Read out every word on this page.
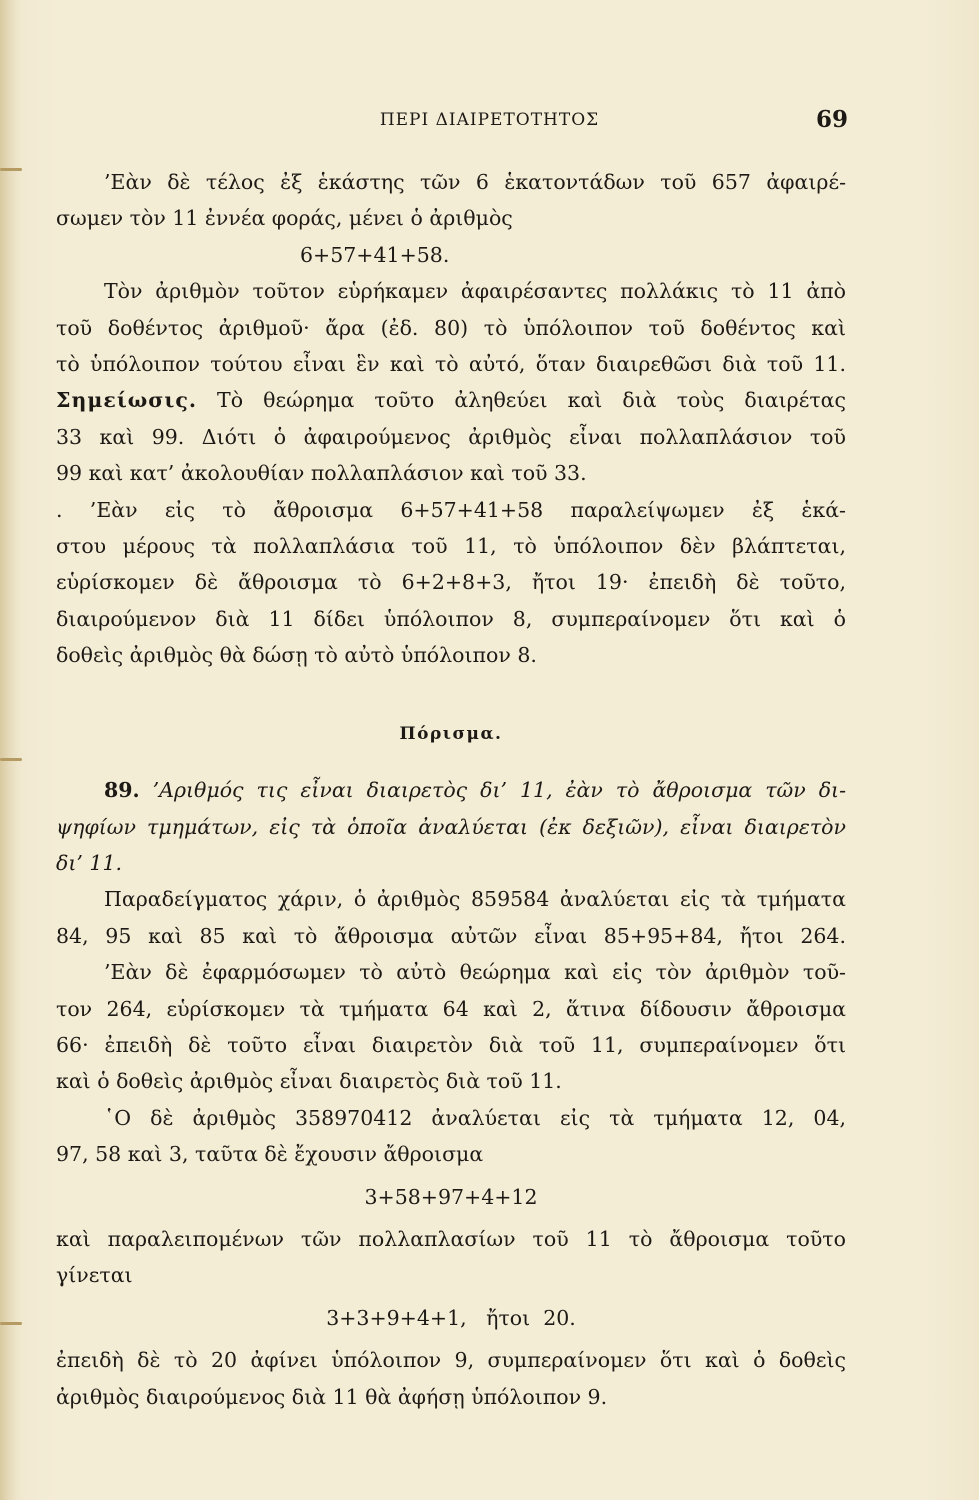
ΠΕΡΙ ΔΙΑΙΡΕΤΟΤΗΤΟΣ	69
’Εὰν δὲ τέλος ἐξ ἑκάστης τῶν 6 ἑκατοντάδων τοῦ 657 ἀφαιρέ-
σωμεν τὸν 11 ἐννέα φοράς, μένει ὁ ἀριθμὸς
6+57+41+58.
Τὸν ἀριθμὸν τοῦτον εὑρήκαμεν ἀφαιρέσαντες πολλάκις τὸ 11 ἀπὸ
τοῦ δοθέντος ἀριθμοῦ· ἄρα (ἐδ. 80) τὸ ὑπόλοιπον τοῦ δοθέντος καὶ
τὸ ὑπόλοιπον τούτου εἶναι ἓν καὶ τὸ αὐτό, ὅταν διαιρεθῶσι διὰ τοῦ 11.
Σημείωσις. Τὸ θεώρημα τοῦτο ἀληθεύει καὶ διὰ τοὺς διαιρέτας
33 καὶ 99. Διότι ὁ ἀφαιρούμενος ἀριθμὸς εἶναι πολλαπλάσιον τοῦ
99 καὶ κατ’ ἀκολουθίαν πολλαπλάσιον καὶ τοῦ 33.
. ’Εὰν εἰς τὸ ἄθροισμα 6+57+41+58 παραλείψωμεν ἐξ ἑκά-
στου μέρους τὰ πολλαπλάσια τοῦ 11, τὸ ὑπόλοιπον δὲν βλάπτεται,
εὑρίσκομεν δὲ ἄθροισμα τὸ 6+2+8+3, ἤτοι 19· ἐπειδὴ δὲ τοῦτο,
διαιρούμενον διὰ 11 δίδει ὑπόλοιπον 8, συμπεραίνομεν ὅτι καὶ ὁ
δοθεὶς ἀριθμὸς θὰ δώσῃ τὸ αὐτὸ ὑπόλοιπον 8.
Πόρισμα.
89. ’Αριθμός τις εἶναι διαιρετὸς δι’ 11, ἐὰν τὸ ἄθροισμα τῶν δι-
ψηφίων τμημάτων, εἰς τὰ ὁποῖα ἀναλύεται (ἐκ δεξιῶν), εἶναι διαιρετὸν
δι’ 11.
Παραδείγματος χάριν, ὁ ἀριθμὸς 859584 ἀναλύεται εἰς τὰ τμήματα
84, 95 καὶ 85 καὶ τὸ ἄθροισμα αὐτῶν εἶναι 85+95+84, ἤτοι 264.
’Εὰν δὲ ἐφαρμόσωμεν τὸ αὐτὸ θεώρημα καὶ εἰς τὸν ἀριθμὸν τοῦ-
τον 264, εὑρίσκομεν τὰ τμήματα 64 καὶ 2, ἅτινα δίδουσιν ἄθροισμα
66· ἐπειδὴ δὲ τοῦτο εἶναι διαιρετὸν διὰ τοῦ 11, συμπεραίνομεν ὅτι
καὶ ὁ δοθεὶς ἀριθμὸς εἶναι διαιρετὸς διὰ τοῦ 11.
῾Ο δὲ ἀριθμὸς 358970412 ἀναλύεται εἰς τὰ τμήματα 12, 04,
97, 58 καὶ 3, ταῦτα δὲ ἔχουσιν ἄθροισμα
3+58+97+4+12
καὶ παραλειπομένων τῶν πολλαπλασίων τοῦ 11 τὸ ἄθροισμα τοῦτο
γίνεται
3+3+9+4+1,   ἤτοι  20.
ἐπειδὴ δὲ τὸ 20 ἀφίνει ὑπόλοιπον 9, συμπεραίνομεν ὅτι καὶ ὁ δοθεὶς
ἀριθμὸς διαιρούμενος διὰ 11 θὰ ἀφήσῃ ὑπόλοιπον 9.
